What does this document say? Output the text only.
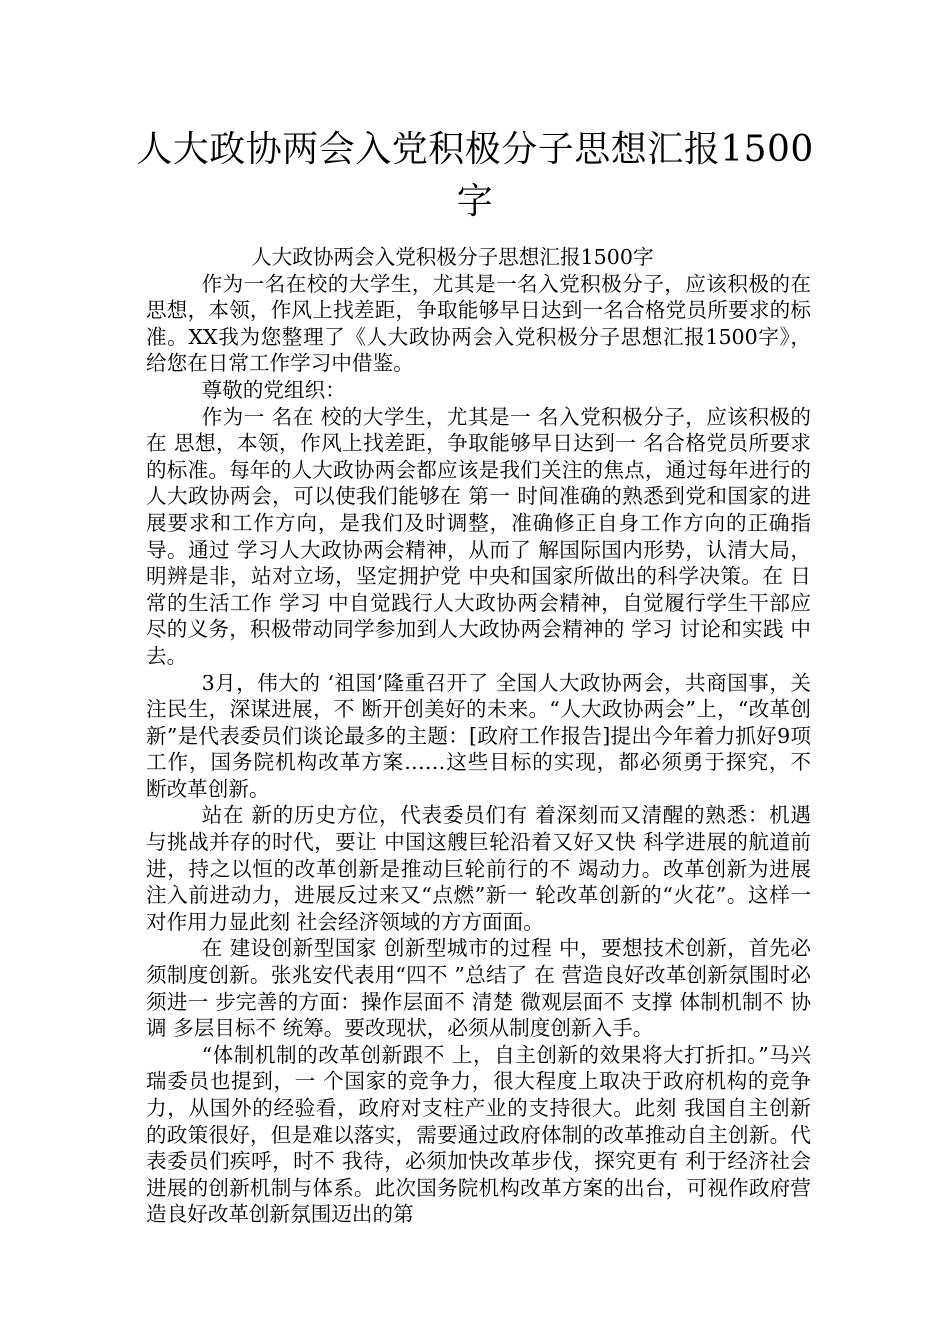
人大政协两会入党积极分子思想汇报1500字

人大政协两会入党积极分子思想汇报1500字

作为一名在校的大学生，尤其是一名入党积极分子，应该积极的在思想，本领，作风上找差距，争取能够早日达到一名合格党员所要求的标准。XX我为您整理了《人大政协两会入党积极分子思想汇报1500字》，给您在日常工作学习中借鉴。

尊敬的党组织：

作为一 名在 校的大学生，尤其是一 名入党积极分子，应该积极的在 思想，本领，作风上找差距，争取能够早日达到一 名合格党员所要求的标准。每年的人大政协两会都应该是我们关注的焦点，通过每年进行的人大政协两会，可以使我们能够在 第一 时间准确的熟悉到党和国家的进展要求和工作方向，是我们及时调整，准确修正自身工作方向的正确指导。通过 学习人大政协两会精神，从而了 解国际国内形势，认清大局，明辨是非，站对立场，坚定拥护党 中央和国家所做出的科学决策。在 日常的生活工作 学习 中自觉践行人大政协两会精神，自觉履行学生干部应尽的义务，积极带动同学参加到人大政协两会精神的 学习 讨论和实践 中去。

3月，伟大的 ‘祖国’隆重召开了 全国人大政协两会，共商国事，关注民生，深谋进展，不 断开创美好的未来。“人大政协两会”上，“改革创新”是代表委员们谈论最多的主题：[政府工作报告]提出今年着力抓好9项工作，国务院机构改革方案……这些目标的实现，都必须勇于探究，不 断改革创新。

站在 新的历史方位，代表委员们有 着深刻而又清醒的熟悉：机遇与挑战并存的时代，要让 中国这艘巨轮沿着又好又快 科学进展的航道前进，持之以恒的改革创新是推动巨轮前行的不 竭动力。改革创新为进展注入前进动力，进展反过来又“点燃”新一 轮改革创新的“火花”。这样一 对作用力显此刻 社会经济领域的方方面面。

在 建设创新型国家 创新型城市的过程 中，要想技术创新，首先必须制度创新。张兆安代表用“四不 ”总结了 在 营造良好改革创新氛围时必须进一 步完善的方面：操作层面不 清楚 微观层面不 支撑 体制机制不 协调 多层目标不 统筹。要改现状，必须从制度创新入手。

“体制机制的改革创新跟不 上，自主创新的效果将大打折扣。”马兴瑞委员也提到，一 个国家的竞争力，很大程度上取决于政府机构的竞争力，从国外的经验看，政府对支柱产业的支持很大。此刻 我国自主创新的政策很好，但是难以落实，需要通过政府体制的改革推动自主创新。代表委员们疾呼，时不 我待，必须加快改革步伐，探究更有 利于经济社会进展的创新机制与体系。此次国务院机构改革方案的出台，可视作政府营造良好改革创新氛围迈出的第
